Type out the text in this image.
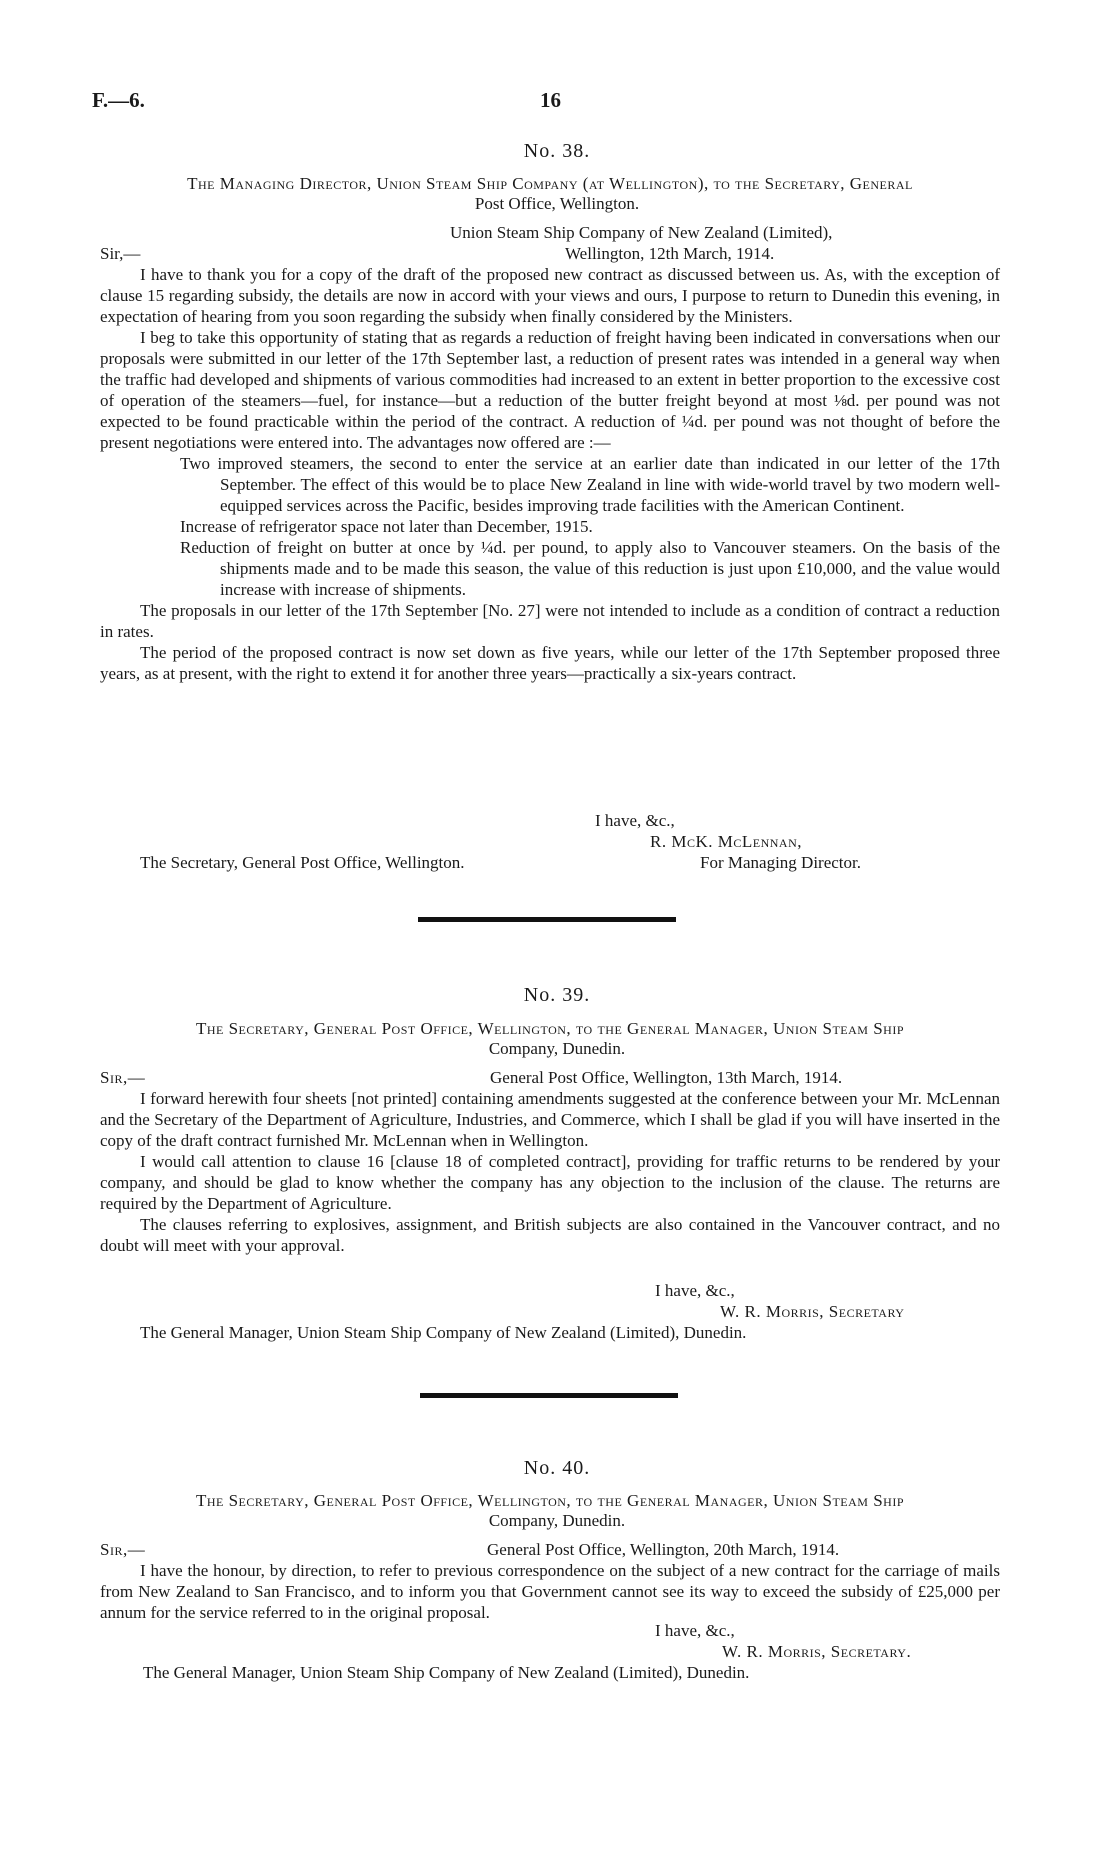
F.—6.	16
No. 38.
The Managing Director, Union Steam Ship Company (at Wellington), to the Secretary, General
Post Office, Wellington.
Union Steam Ship Company of New Zealand (Limited),
Sir,—	Wellington, 12th March, 1914.

I have to thank you for a copy of the draft of the proposed new contract as discussed between us. As, with the exception of clause 15 regarding subsidy, the details are now in accord with your views and ours, I purpose to return to Dunedin this evening, in expectation of hearing from you soon regarding the subsidy when finally considered by the Ministers.

I beg to take this opportunity of stating that as regards a reduction of freight having been indicated in conversations when our proposals were submitted in our letter of the 17th September last, a reduction of present rates was intended in a general way when the traffic had developed and shipments of various commodities had increased to an extent in better proportion to the excessive cost of operation of the steamers—fuel, for instance—but a reduction of the butter freight beyond at most ⅛d. per pound was not expected to be found practicable within the period of the contract. A reduction of ¼d. per pound was not thought of before the present negotiations were entered into. The advantages now offered are :—

Two improved steamers, the second to enter the service at an earlier date than indicated in our letter of the 17th September. The effect of this would be to place New Zealand in line with wide-world travel by two modern well-equipped services across the Pacific, besides improving trade facilities with the American Continent.

Increase of refrigerator space not later than December, 1915.

Reduction of freight on butter at once by ¼d. per pound, to apply also to Vancouver steamers. On the basis of the shipments made and to be made this season, the value of this reduction is just upon £10,000, and the value would increase with increase of shipments.

The proposals in our letter of the 17th September [No. 27] were not intended to include as a condition of contract a reduction in rates.

The period of the proposed contract is now set down as five years, while our letter of the 17th September proposed three years, as at present, with the right to extend it for another three years—practically a six-years contract.

I have, &c.,
R. McK. McLennan,
The Secretary, General Post Office, Wellington.	For Managing Director.
No. 39.
The Secretary, General Post Office, Wellington, to the General Manager, Union Steam Ship
Company, Dunedin.
Sir,—	General Post Office, Wellington, 13th March, 1914.

I forward herewith four sheets [not printed] containing amendments suggested at the conference between your Mr. McLennan and the Secretary of the Department of Agriculture, Industries, and Commerce, which I shall be glad if you will have inserted in the copy of the draft contract furnished Mr. McLennan when in Wellington.

I would call attention to clause 16 [clause 18 of completed contract], providing for traffic returns to be rendered by your company, and should be glad to know whether the company has any objection to the inclusion of the clause. The returns are required by the Department of Agriculture.

The clauses referring to explosives, assignment, and British subjects are also contained in the Vancouver contract, and no doubt will meet with your approval.

I have, &c.,
W. R. Morris, Secretary
The General Manager, Union Steam Ship Company of New Zealand (Limited), Dunedin.
No. 40.
The Secretary, General Post Office, Wellington, to the General Manager, Union Steam Ship
Company, Dunedin.
Sir,—	General Post Office, Wellington, 20th March, 1914.

I have the honour, by direction, to refer to previous correspondence on the subject of a new contract for the carriage of mails from New Zealand to San Francisco, and to inform you that Government cannot see its way to exceed the subsidy of £25,000 per annum for the service referred to in the original proposal.

I have, &c.,
W. R. Morris, Secretary.
The General Manager, Union Steam Ship Company of New Zealand (Limited), Dunedin.
